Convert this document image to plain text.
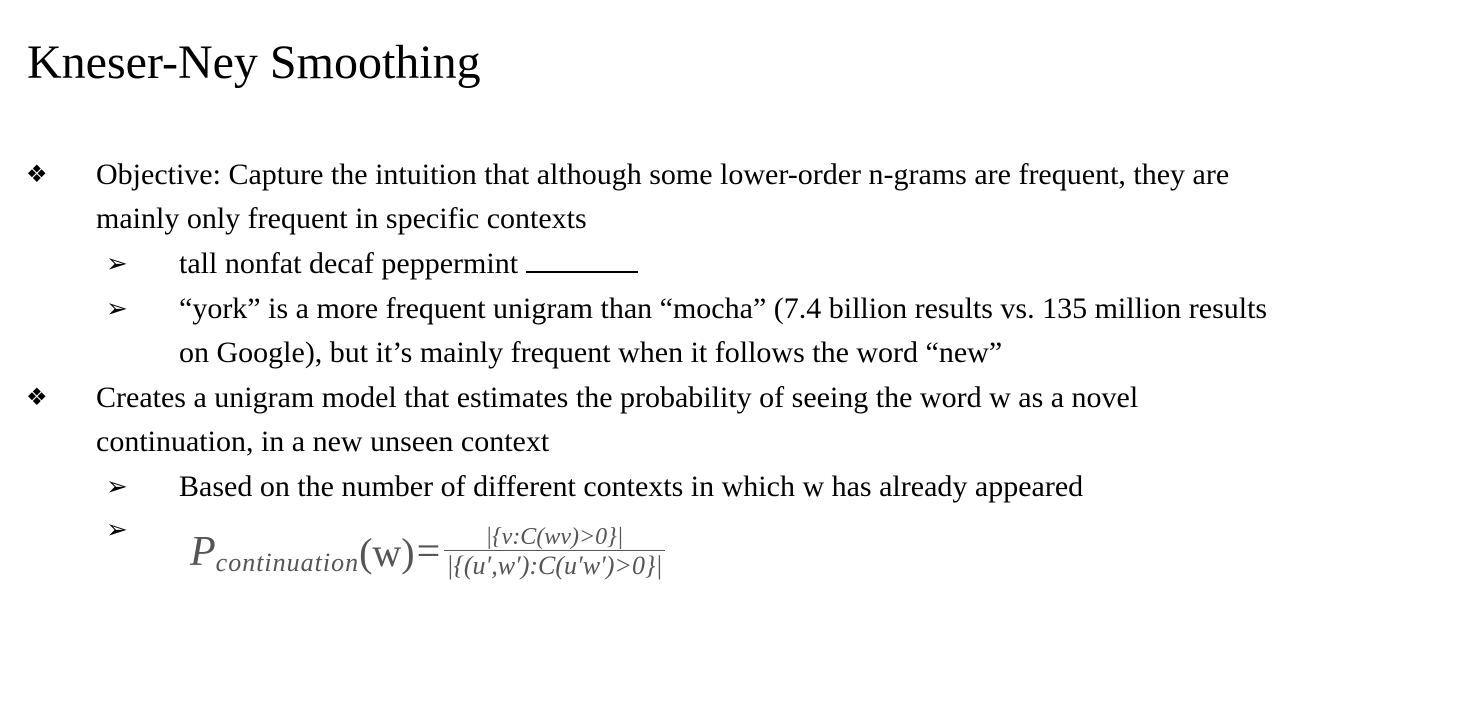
Kneser-Ney Smoothing
❖ Objective: Capture the intuition that although some lower-order n-grams are frequent, they are
mainly only frequent in specific contexts
➢ tall nonfat decaf peppermint
➢ “york” is a more frequent unigram than “mocha” (7.4 billion results vs. 135 million results
on Google), but it’s mainly frequent when it follows the word “new”
❖ Creates a unigram model that estimates the probability of seeing the word w as a novel
continuation, in a new unseen context
➢ Based on the number of different contexts in which w has already appeared
➢ P continuation $(w) = \frac{|\{v:C(wv)>0\}|}{|\{(u',w'):C(u'w')>0\}|}$
